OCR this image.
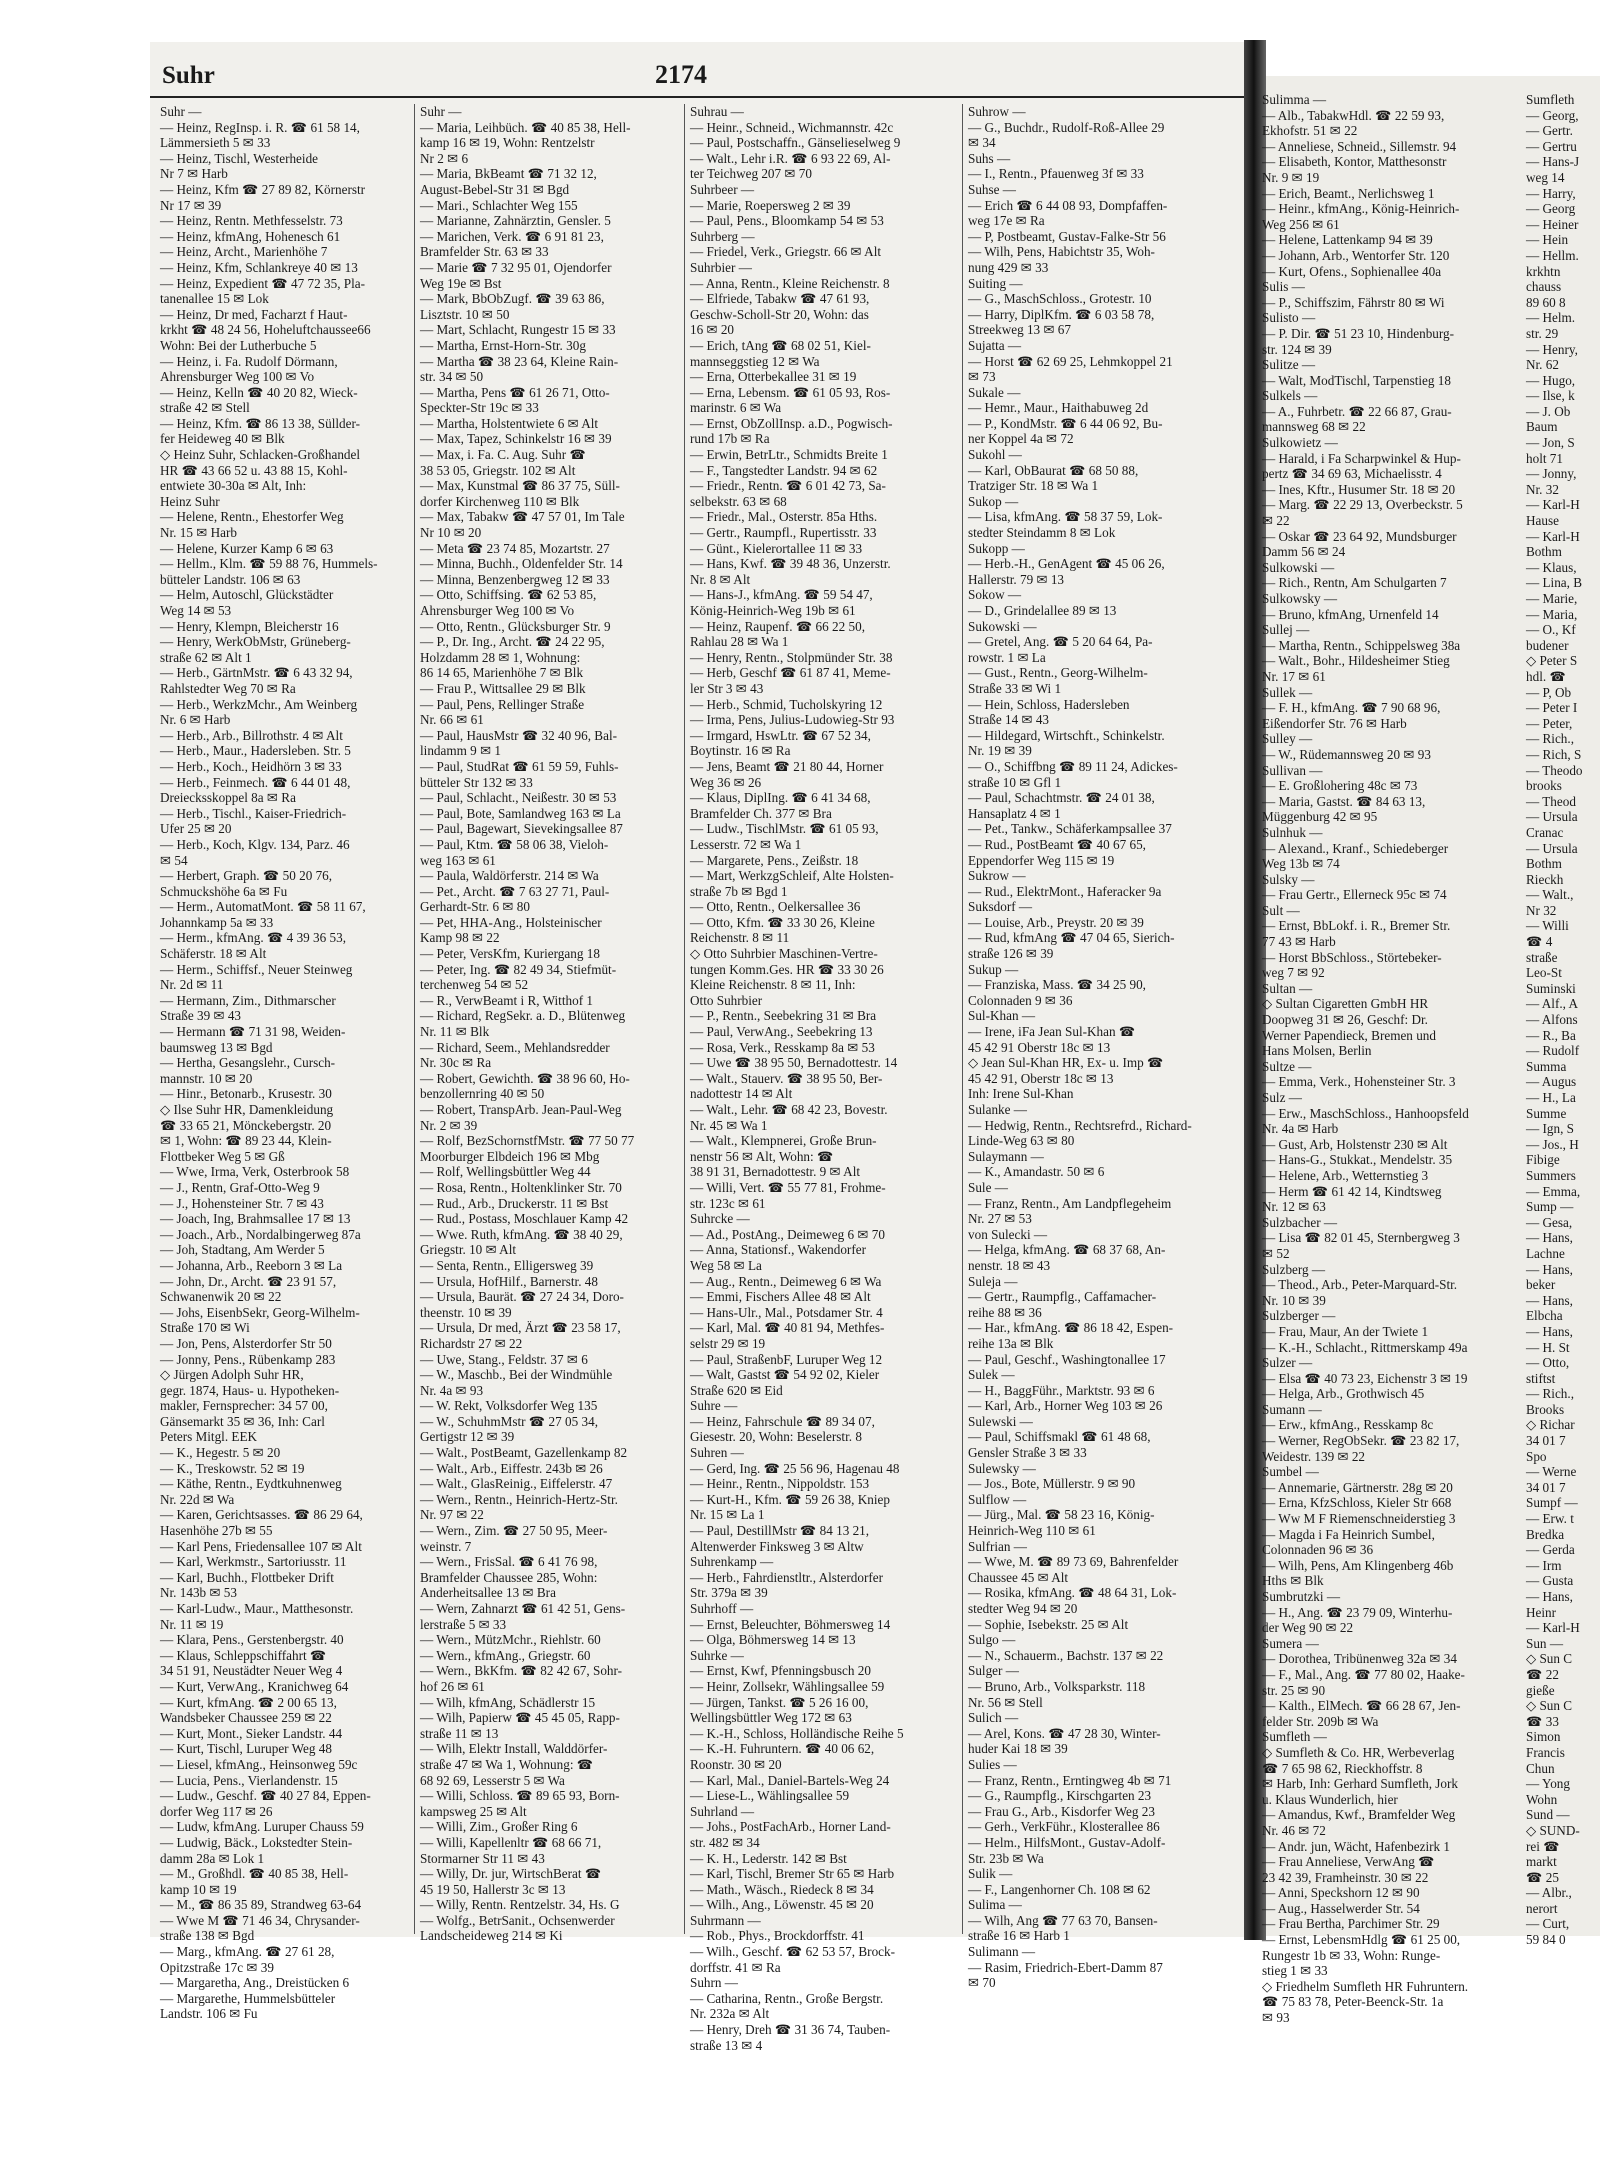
Suhr	2174
Suhr —
— Heinz, RegInsp. i. R. ☎ 61 58 14,
Lämmersieth 5 ✉ 33
— Heinz, Tischl, Westerheide
Nr 7 ✉ Harb
— Heinz, Kfm ☎ 27 89 82, Körnerstr
Nr 17 ✉ 39
— Heinz, Rentn. Methfesselstr. 73
— Heinz, kfmAng, Hohenesch 61
— Heinz, Archt., Marienhöhe 7
— Heinz, Kfm, Schlankreye 40 ✉ 13
— Heinz, Expedient ☎ 47 72 35, Pla-
tanenallee 15 ✉ Lok
— Heinz, Dr med, Facharzt f Haut-
krkht ☎ 48 24 56, Hoheluftchaussee66
Wohn: Bei der Lutherbuche 5
— Heinz, i. Fa. Rudolf Dörmann,
Ahrensburger Weg 100 ✉ Vo
— Heinz, Kelln ☎ 40 20 82, Wieck-
straße 42 ✉ Stell
— Heinz, Kfm. ☎ 86 13 38, Süllder-
fer Heideweg 40 ✉ Blk
◇ Heinz Suhr, Schlacken-Großhandel
HR ☎ 43 66 52 u. 43 88 15, Kohl-
entwiete 30-30a ✉ Alt, Inh:
Heinz Suhr
— Helene, Rentn., Ehestorfer Weg
Nr. 15 ✉ Harb
— Helene, Kurzer Kamp 6 ✉ 63
— Hellm., Klm. ☎ 59 88 76, Hummels-
bütteler Landstr. 106 ✉ 63
— Helm, Autoschl, Glückstädter
Weg 14 ✉ 53
— Henry, Klempn, Bleicherstr 16
— Henry, WerkObMstr, Grüneberg-
straße 62 ✉ Alt 1
— Herb., GärtnMstr. ☎ 6 43 32 94,
Rahlstedter Weg 70 ✉ Ra
— Herb., WerkzMchr., Am Weinberg
Nr. 6 ✉ Harb
— Herb., Arb., Billrothstr. 4 ✉ Alt
— Herb., Maur., Hadersleben. Str. 5
— Herb., Koch., Heidhörn 3 ✉ 33
— Herb., Feinmech. ☎ 6 44 01 48,
Dreiecksskoppel 8a ✉ Ra
— Herb., Tischl., Kaiser-Friedrich-
Ufer 25 ✉ 20
— Herb., Koch, Klgv. 134, Parz. 46
✉ 54
— Herbert, Graph. ☎ 50 20 76,
Schmuckshöhe 6a ✉ Fu
— Herm., AutomatMont. ☎ 58 11 67,
Johannkamp 5a ✉ 33
— Herm., kfmAng. ☎ 4 39 36 53,
Schäferstr. 18 ✉ Alt
— Herm., Schiffsf., Neuer Steinweg
Nr. 2d ✉ 11
— Hermann, Zim., Dithmarscher
Straße 39 ✉ 43
— Hermann ☎ 71 31 98, Weiden-
baumsweg 13 ✉ Bgd
— Hertha, Gesangslehr., Cursch-
mannstr. 10 ✉ 20
— Hinr., Betonarb., Krusestr. 30
◇ Ilse Suhr HR, Damenkleidung
☎ 33 65 21, Mönckebergstr. 20
✉ 1, Wohn: ☎ 89 23 44, Klein-
Flottbeker Weg 5 ✉ Gß
— Wwe, Irma, Verk, Osterbrook 58
— J., Rentn, Graf-Otto-Weg 9
— J., Hohensteiner Str. 7 ✉ 43
— Joach, Ing, Brahmsallee 17 ✉ 13
— Joach., Arb., Nordalbingerweg 87a
— Joh, Stadtang, Am Werder 5
— Johanna, Arb., Reeborn 3 ✉ La
— John, Dr., Archt. ☎ 23 91 57,
Schwanenwik 20 ✉ 22
— Johs, EisenbSekr, Georg-Wilhelm-
Straße 170 ✉ Wi
— Jon, Pens, Alsterdorfer Str 50
— Jonny, Pens., Rübenkamp 283
◇ Jürgen Adolph Suhr HR,
gegr. 1874, Haus- u. Hypotheken-
makler, Fernsprecher: 34 57 00,
Gänsemarkt 35 ✉ 36, Inh: Carl
Peters Mitgl. EEK
— K., Hegestr. 5 ✉ 20
— K., Treskowstr. 52 ✉ 19
— Käthe, Rentn., Eydtkuhnenweg
Nr. 22d ✉ Wa
— Karen, Gerichtsasses. ☎ 86 29 64,
Hasenhöhe 27b ✉ 55
— Karl Pens, Friedensallee 107 ✉ Alt
— Karl, Werkmstr., Sartoriusstr. 11
— Karl, Buchh., Flottbeker Drift
Nr. 143b ✉ 53
— Karl-Ludw., Maur., Matthesonstr.
Nr. 11 ✉ 19
— Klara, Pens., Gerstenbergstr. 40
— Klaus, Schleppschiffahrt ☎
34 51 91, Neustädter Neuer Weg 4
— Kurt, VerwAng., Kranichweg 64
— Kurt, kfmAng. ☎ 2 00 65 13,
Wandsbeker Chaussee 259 ✉ 22
— Kurt, Mont., Sieker Landstr. 44
— Kurt, Tischl, Luruper Weg 48
— Liesel, kfmAng., Heinsonweg 59c
— Lucia, Pens., Vierlandenstr. 15
— Ludw., Geschf. ☎ 40 27 84, Eppen-
dorfer Weg 117 ✉ 26
— Ludw, kfmAng. Luruper Chauss 59
— Ludwig, Bäck., Lokstedter Stein-
damm 28a ✉ Lok 1
— M., Großhdl. ☎ 40 85 38, Hell-
kamp 10 ✉ 19
— M., ☎ 86 35 89, Strandweg 63-64
— Wwe M ☎ 71 46 34, Chrysander-
straße 138 ✉ Bgd
— Marg., kfmAng. ☎ 27 61 28,
Opitzstraße 17c ✉ 39
— Margaretha, Ang., Dreistücken 6
— Margarethe, Hummelsbütteler
Landstr. 106 ✉ Fu
Suhr —
— Maria, Leihbüch. ☎ 40 85 38, Hell-
kamp 16 ✉ 19, Wohn: Rentzelstr
Nr 2 ✉ 6
— Maria, BkBeamt ☎ 71 32 12,
August-Bebel-Str 31 ✉ Bgd
— Mari., Schlachter Weg 155
— Marianne, Zahnärztin, Gensler. 5
— Marichen, Verk. ☎ 6 91 81 23,
Bramfelder Str. 63 ✉ 33
— Marie ☎ 7 32 95 01, Ojendorfer
Weg 19e ✉ Bst
— Mark, BbObZugf. ☎ 39 63 86,
Lisztstr. 10 ✉ 50
— Mart, Schlacht, Rungestr 15 ✉ 33
— Martha, Ernst-Horn-Str. 30g
— Martha ☎ 38 23 64, Kleine Rain-
str. 34 ✉ 50
— Martha, Pens ☎ 61 26 71, Otto-
Speckter-Str 19c ✉ 33
— Martha, Holstentwiete 6 ✉ Alt
— Max, Tapez, Schinkelstr 16 ✉ 39
— Max, i. Fa. C. Aug. Suhr ☎
38 53 05, Griegstr. 102 ✉ Alt
— Max, Kunstmal ☎ 86 37 75, Süll-
dorfer Kirchenweg 110 ✉ Blk
— Max, Tabakw ☎ 47 57 01, Im Tale
Nr 10 ✉ 20
— Meta ☎ 23 74 85, Mozartstr. 27
— Minna, Buchh., Oldenfelder Str. 14
— Minna, Benzenbergweg 12 ✉ 33
— Otto, Schiffsing. ☎ 62 53 85,
Ahrensburger Weg 100 ✉ Vo
— Otto, Rentn., Glücksburger Str. 9
— P., Dr. Ing., Archt. ☎ 24 22 95,
Holzdamm 28 ✉ 1, Wohnung:
86 14 65, Marienhöhe 7 ✉ Blk
— Frau P., Wittsallee 29 ✉ Blk
— Paul, Pens, Rellinger Straße
Nr. 66 ✉ 61
— Paul, HausMstr ☎ 32 40 96, Bal-
lindamm 9 ✉ 1
— Paul, StudRat ☎ 61 59 59, Fuhls-
bütteler Str 132 ✉ 33
— Paul, Schlacht., Neißestr. 30 ✉ 53
— Paul, Bote, Samlandweg 163 ✉ La
— Paul, Bagewart, Sievekingsallee 87
— Paul, Ktm. ☎ 58 06 38, Vieloh-
weg 163 ✉ 61
— Paula, Waldörferstr. 214 ✉ Wa
— Pet., Archt. ☎ 7 63 27 71, Paul-
Gerhardt-Str. 6 ✉ 80
— Pet, HHA-Ang., Holsteinischer
Kamp 98 ✉ 22
— Peter, VersKfm, Kuriergang 18
— Peter, Ing. ☎ 82 49 34, Stiefmüt-
terchenweg 54 ✉ 52
— R., VerwBeamt i R, Witthof 1
— Richard, RegSekr. a. D., Blütenweg
Nr. 11 ✉ Blk
— Richard, Seem., Mehlandsredder
Nr. 30c ✉ Ra
— Robert, Gewichth. ☎ 38 96 60, Ho-
benzollernring 40 ✉ 50
— Robert, TranspArb. Jean-Paul-Weg
Nr. 2 ✉ 39
— Rolf, BezSchornstfMstr. ☎ 77 50 77
Moorburger Elbdeich 196 ✉ Mbg
— Rolf, Wellingsbüttler Weg 44
— Rosa, Rentn., Holtenklinker Str. 70
— Rud., Arb., Druckerstr. 11 ✉ Bst
— Rud., Postass, Moschlauer Kamp 42
— Wwe. Ruth, kfmAng. ☎ 38 40 29,
Griegstr. 10 ✉ Alt
— Senta, Rentn., Elligersweg 39
— Ursula, HofHilf., Barnerstr. 48
— Ursula, Baurät. ☎ 27 24 34, Doro-
theenstr. 10 ✉ 39
— Ursula, Dr med, Ärzt ☎ 23 58 17,
Richardstr 27 ✉ 22
— Uwe, Stang., Feldstr. 37 ✉ 6
— W., Maschb., Bei der Windmühle
Nr. 4a ✉ 93
— W. Rekt, Volksdorfer Weg 135
— W., SchuhmMstr ☎ 27 05 34,
Gertigstr 12 ✉ 39
— Walt., PostBeamt, Gazellenkamp 82
— Walt., Arb., Eiffestr. 243b ✉ 26
— Walt., GlasReinig., Eiffelerstr. 47
— Wern., Rentn., Heinrich-Hertz-Str.
Nr. 97 ✉ 22
— Wern., Zim. ☎ 27 50 95, Meer-
weinstr. 7
— Wern., FrisSal. ☎ 6 41 76 98,
Bramfelder Chaussee 285, Wohn:
Anderheitsallee 13 ✉ Bra
— Wern, Zahnarzt ☎ 61 42 51, Gens-
lerstraße 5 ✉ 33
— Wern., MützMchr., Riehlstr. 60
— Wern., kfmAng., Griegstr. 60
— Wern., BkKfm. ☎ 82 42 67, Sohr-
hof 26 ✉ 61
— Wilh, kfmAng, Schädlerstr 15
— Wilh, Papierw ☎ 45 45 05, Rapp-
straße 11 ✉ 13
— Wilh, Elektr Install, Walddörfer-
straße 47 ✉ Wa 1, Wohnung: ☎
68 92 69, Lesserstr 5 ✉ Wa
— Willi, Schloss. ☎ 89 65 93, Born-
kampsweg 25 ✉ Alt
— Willi, Zim., Großer Ring 6
— Willi, Kapellenltr ☎ 68 66 71,
Stormarner Str 11 ✉ 43
— Willy, Dr. jur, WirtschBerat ☎
45 19 50, Hallerstr 3c ✉ 13
— Willy, Rentn. Rentzelstr. 34, Hs. G
— Wolfg., BetrSanit., Ochsenwerder
Landscheideweg 214 ✉ Ki
Suhrau —
— Heinr., Schneid., Wichmannstr. 42c
— Paul, Postschaffn., Gänselieselweg 9
— Walt., Lehr i.R. ☎ 6 93 22 69, Al-
ter Teichweg 207 ✉ 70
Suhrbeer —
— Marie, Roepersweg 2 ✉ 39
— Paul, Pens., Bloomkamp 54 ✉ 53
Suhrberg —
— Friedel, Verk., Griegstr. 66 ✉ Alt
Suhrbier —
— Anna, Rentn., Kleine Reichenstr. 8
— Elfriede, Tabakw ☎ 47 61 93,
Geschw-Scholl-Str 20, Wohn: das
16 ✉ 20
— Erich, tAng ☎ 68 02 51, Kiel-
mannseggstieg 12 ✉ Wa
— Erna, Otterbekallee 31 ✉ 19
— Erna, Lebensm. ☎ 61 05 93, Ros-
marinstr. 6 ✉ Wa
— Ernst, ObZollInsp. a.D., Pogwisch-
rund 17b ✉ Ra
— Erwin, BetrLtr., Schmidts Breite 1
— F., Tangstedter Landstr. 94 ✉ 62
— Friedr., Rentn. ☎ 6 01 42 73, Sa-
selbekstr. 63 ✉ 68
— Friedr., Mal., Osterstr. 85a Hths.
— Gertr., Raumpfl., Rupertisstr. 33
— Günt., Kielerortallee 11 ✉ 33
— Hans, Kwf. ☎ 39 48 36, Unzerstr.
Nr. 8 ✉ Alt
— Hans-J., kfmAng. ☎ 59 54 47,
König-Heinrich-Weg 19b ✉ 61
— Heinz, Raupenf. ☎ 66 22 50,
Rahlau 28 ✉ Wa 1
— Henry, Rentn., Stolpmünder Str. 38
— Herb, Geschf ☎ 61 87 41, Meme-
ler Str 3 ✉ 43
— Herb., Schmid, Tucholskyring 12
— Irma, Pens, Julius-Ludowieg-Str 93
— Irmgard, HswLtr. ☎ 67 52 34,
Boytinstr. 16 ✉ Ra
— Jens, Beamt ☎ 21 80 44, Horner
Weg 36 ✉ 26
— Klaus, DiplIng. ☎ 6 41 34 68,
Bramfelder Ch. 377 ✉ Bra
— Ludw., TischlMstr. ☎ 61 05 93,
Lesserstr. 72 ✉ Wa 1
— Margarete, Pens., Zeißstr. 18
— Mart, WerkzgSchleif, Alte Holsten-
straße 7b ✉ Bgd 1
— Otto, Rentn., Oelkersallee 36
— Otto, Kfm. ☎ 33 30 26, Kleine
Reichenstr. 8 ✉ 11
◇ Otto Suhrbier Maschinen-Vertre-
tungen Komm.Ges. HR ☎ 33 30 26
Kleine Reichenstr. 8 ✉ 11, Inh:
Otto Suhrbier
— P., Rentn., Seebekring 31 ✉ Bra
— Paul, VerwAng., Seebekring 13
— Rosa, Verk., Resskamp 8a ✉ 53
— Uwe ☎ 38 95 50, Bernadottestr. 14
— Walt., Stauerv. ☎ 38 95 50, Ber-
nadottestr 14 ✉ Alt
— Walt., Lehr. ☎ 68 42 23, Bovestr.
Nr. 45 ✉ Wa 1
— Walt., Klempnerei, Große Brun-
nenstr 56 ✉ Alt, Wohn: ☎
38 91 31, Bernadottestr. 9 ✉ Alt
— Willi, Vert. ☎ 55 77 81, Frohme-
str. 123c ✉ 61
Suhrcke —
— Ad., PostAng., Deimeweg 6 ✉ 70
— Anna, Stationsf., Wakendorfer
Weg 58 ✉ La
— Aug., Rentn., Deimeweg 6 ✉ Wa
— Emmi, Fischers Allee 48 ✉ Alt
— Hans-Ulr., Mal., Potsdamer Str. 4
— Karl, Mal. ☎ 40 81 94, Methfes-
selstr 29 ✉ 19
— Paul, StraßenbF, Luruper Weg 12
— Walt, Gastst ☎ 54 92 02, Kieler
Straße 620 ✉ Eid
Suhre —
— Heinz, Fahrschule ☎ 89 34 07,
Giesestr. 20, Wohn: Beselerstr. 8
Suhren —
— Gerd, Ing. ☎ 25 56 96, Hagenau 48
— Heinr., Rentn., Nippoldstr. 153
— Kurt-H., Kfm. ☎ 59 26 38, Kniep
Nr. 15 ✉ La 1
— Paul, DestillMstr ☎ 84 13 21,
Altenwerder Finksweg 3 ✉ Altw
Suhrenkamp —
— Herb., Fahrdienstltr., Alsterdorfer
Str. 379a ✉ 39
Suhrhoff —
— Ernst, Beleuchter, Böhmersweg 14
— Olga, Böhmersweg 14 ✉ 13
Suhrke —
— Ernst, Kwf, Pfenningsbusch 20
— Heinr, Zollsekr, Wählingsallee 59
— Jürgen, Tankst. ☎ 5 26 16 00,
Wellingsbüttler Weg 172 ✉ 63
— K.-H., Schloss, Holländische Reihe 5
— K.-H. Fuhruntern. ☎ 40 06 62,
Roonstr. 30 ✉ 20
— Karl, Mal., Daniel-Bartels-Weg 24
— Liese-L., Wählingsallee 59
Suhrland —
— Johs., PostFachArb., Horner Land-
str. 482 ✉ 34
— K. H., Lederstr. 142 ✉ Bst
— Karl, Tischl, Bremer Str 65 ✉ Harb
— Math., Wäsch., Riedeck 8 ✉ 34
— Wilh., Ang., Löwenstr. 45 ✉ 20
Suhrmann —
— Rob., Phys., Brockdorffstr. 41
— Wilh., Geschf. ☎ 62 53 57, Brock-
dorffstr. 41 ✉ Ra
Suhrn —
— Catharina, Rentn., Große Bergstr.
Nr. 232a ✉ Alt
— Henry, Dreh ☎ 31 36 74, Tauben-
straße 13 ✉ 4
Suhrow —
— G., Buchdr., Rudolf-Roß-Allee 29
✉ 34
Suhs —
— I., Rentn., Pfauenweg 3f ✉ 33
Suhse —
— Erich ☎ 6 44 08 93, Dompfaffen-
weg 17e ✉ Ra
— P, Postbeamt, Gustav-Falke-Str 56
— Wilh, Pens, Habichtstr 35, Woh-
nung 429 ✉ 33
Suiting —
— G., MaschSchloss., Grotestr. 10
— Harry, DiplKfm. ☎ 6 03 58 78,
Streekweg 13 ✉ 67
Sujatta —
— Horst ☎ 62 69 25, Lehmkoppel 21
✉ 73
Sukale —
— Hemr., Maur., Haithabuweg 2d
— P., KondMstr. ☎ 6 44 06 92, Bu-
ner Koppel 4a ✉ 72
Sukohl —
— Karl, ObBaurat ☎ 68 50 88,
Tratziger Str. 18 ✉ Wa 1
Sukop —
— Lisa, kfmAng. ☎ 58 37 59, Lok-
stedter Steindamm 8 ✉ Lok
Sukopp —
— Herb.-H., GenAgent ☎ 45 06 26,
Hallerstr. 79 ✉ 13
Sokow —
— D., Grindelallee 89 ✉ 13
Sukowski —
— Gretel, Ang. ☎ 5 20 64 64, Pa-
rowstr. 1 ✉ La
— Gust., Rentn., Georg-Wilhelm-
Straße 33 ✉ Wi 1
— Hein, Schloss, Hadersleben
Straße 14 ✉ 43
— Hildegard, Wirtschft., Schinkelstr.
Nr. 19 ✉ 39
— O., Schiffbng ☎ 89 11 24, Adickes-
straße 10 ✉ Gfl 1
— Paul, Schachtmstr. ☎ 24 01 38,
Hansaplatz 4 ✉ 1
— Pet., Tankw., Schäferkampsallee 37
— Rud., PostBeamt ☎ 40 67 65,
Eppendorfer Weg 115 ✉ 19
Sukrow —
— Rud., ElektrMont., Haferacker 9a
Suksdorf —
— Louise, Arb., Preystr. 20 ✉ 39
— Rud, kfmAng ☎ 47 04 65, Sierich-
straße 126 ✉ 39
Sukup —
— Franziska, Mass. ☎ 34 25 90,
Colonnaden 9 ✉ 36
Sul-Khan —
— Irene, iFa Jean Sul-Khan ☎
45 42 91 Oberstr 18c ✉ 13
◇ Jean Sul-Khan HR, Ex- u. Imp ☎
45 42 91, Oberstr 18c ✉ 13
Inh: Irene Sul-Khan
Sulanke —
— Hedwig, Rentn., Rechtsrefrd., Richard-
Linde-Weg 63 ✉ 80
Sulaymann —
— K., Amandastr. 50 ✉ 6
Sule —
— Franz, Rentn., Am Landpflegeheim
Nr. 27 ✉ 53
von Sulecki —
— Helga, kfmAng. ☎ 68 37 68, An-
nenstr. 18 ✉ 43
Suleja —
— Gertr., Raumpflg., Caffamacher-
reihe 88 ✉ 36
— Har., kfmAng. ☎ 86 18 42, Espen-
reihe 13a ✉ Blk
— Paul, Geschf., Washingtonallee 17
Sulek —
— H., BaggFühr., Marktstr. 93 ✉ 6
— Karl, Arb., Horner Weg 103 ✉ 26
Sulewski —
— Paul, Schiffsmakl ☎ 61 48 68,
Gensler Straße 3 ✉ 33
Sulewsky —
— Jos., Bote, Müllerstr. 9 ✉ 90
Sulflow —
— Jürg., Mal. ☎ 58 23 16, König-
Heinrich-Weg 110 ✉ 61
Sulfrian —
— Wwe, M. ☎ 89 73 69, Bahrenfelder
Chaussee 45 ✉ Alt
— Rosika, kfmAng. ☎ 48 64 31, Lok-
stedter Weg 94 ✉ 20
— Sophie, Isebekstr. 25 ✉ Alt
Sulgo —
— N., Schauerm., Bachstr. 137 ✉ 22
Sulger —
— Bruno, Arb., Volksparkstr. 118
Nr. 56 ✉ Stell
Sulich —
— Arel, Kons. ☎ 47 28 30, Winter-
huder Kai 18 ✉ 39
Sulies —
— Franz, Rentn., Erntingweg 4b ✉ 71
— G., Raumpflg., Kirschgarten 23
— Frau G., Arb., Kisdorfer Weg 23
— Gerh., VerkFühr., Klosterallee 86
— Helm., HilfsMont., Gustav-Adolf-
Str. 23b ✉ Wa
Sulik —
— F., Langenhorner Ch. 108 ✉ 62
Sulima —
— Wilh, Ang ☎ 77 63 70, Bansen-
straße 16 ✉ Harb 1
Sulimann —
— Rasim, Friedrich-Ebert-Damm 87
✉ 70
Sulimma —
— Alb., TabakwHdl. ☎ 22 59 93,
Ekhofstr. 51 ✉ 22
— Anneliese, Schneid., Sillemstr. 94
— Elisabeth, Kontor, Matthesonstr
Nr. 9 ✉ 19
— Erich, Beamt., Nerlichsweg 1
— Heinr., kfmAng., König-Heinrich-
Weg 256 ✉ 61
— Helene, Lattenkamp 94 ✉ 39
— Johann, Arb., Wentorfer Str. 120
— Kurt, Ofens., Sophienallee 40a
Sulis —
— P., Schiffszim, Fährstr 80 ✉ Wi
Sulisto —
— P. Dir. ☎ 51 23 10, Hindenburg-
str. 124 ✉ 39
Sulitze —
— Walt, ModTischl, Tarpenstieg 18
Sulkels —
— A., Fuhrbetr. ☎ 22 66 87, Grau-
mannsweg 68 ✉ 22
Sulkowietz —
— Harald, i Fa Scharpwinkel & Hup-
pertz ☎ 34 69 63, Michaelisstr. 4
— Ines, Kftr., Husumer Str. 18 ✉ 20
— Marg. ☎ 22 29 13, Overbeckstr. 5
✉ 22
— Oskar ☎ 23 64 92, Mundsburger
Damm 56 ✉ 24
Sulkowski —
— Rich., Rentn, Am Schulgarten 7
Sulkowsky —
— Bruno, kfmAng, Urnenfeld 14
Sullej —
— Martha, Rentn., Schippelsweg 38a
— Walt., Bohr., Hildesheimer Stieg
Nr. 17 ✉ 61
Sullek —
— F. H., kfmAng. ☎ 7 90 68 96,
Eißendorfer Str. 76 ✉ Harb
Sulley —
— W., Rüdemannsweg 20 ✉ 93
Sullivan —
— E. Großlohering 48c ✉ 73
— Maria, Gastst. ☎ 84 63 13,
Müggenburg 42 ✉ 95
Sulnhuk —
— Alexand., Kranf., Schiedeberger
Weg 13b ✉ 74
Sulsky —
— Frau Gertr., Ellerneck 95c ✉ 74
Sult —
— Ernst, BbLokf. i. R., Bremer Str.
77 43 ✉ Harb
— Horst BbSchloss., Störtebeker-
weg 7 ✉ 92
Sultan —
◇ Sultan Cigaretten GmbH HR
Doopweg 31 ✉ 26, Geschf: Dr.
Werner Papendieck, Bremen und
Hans Molsen, Berlin
Sultze —
— Emma, Verk., Hohensteiner Str. 3
Sulz —
— Erw., MaschSchloss., Hanhoopsfeld
Nr. 4a ✉ Harb
— Gust, Arb, Holstenstr 230 ✉ Alt
— Hans-G., Stukkat., Mendelstr. 35
— Helene, Arb., Wetternstieg 3
— Herm ☎ 61 42 14, Kindtsweg
Nr. 12 ✉ 63
Sulzbacher —
— Lisa ☎ 82 01 45, Sternbergweg 3
✉ 52
Sulzberg —
— Theod., Arb., Peter-Marquard-Str.
Nr. 10 ✉ 39
Sulzberger —
— Frau, Maur, An der Twiete 1
— K.-H., Schlacht., Rittmerskamp 49a
Sulzer —
— Elsa ☎ 40 73 23, Eichenstr 3 ✉ 19
— Helga, Arb., Grothwisch 45
Sumann —
— Erw., kfmAng., Resskamp 8c
— Werner, RegObSekr. ☎ 23 82 17,
Weidestr. 139 ✉ 22
Sumbel —
— Annemarie, Gärtnerstr. 28g ✉ 20
— Erna, KfzSchloss, Kieler Str 668
— Ww M F Riemenschneiderstieg 3
— Magda i Fa Heinrich Sumbel,
Colonnaden 96 ✉ 36
— Wilh, Pens, Am Klingenberg 46b
Hths ✉ Blk
Sumbrutzki —
— H., Ang. ☎ 23 79 09, Winterhu-
der Weg 90 ✉ 22
Sumera —
— Dorothea, Tribünenweg 32a ✉ 34
— F., Mal., Ang. ☎ 77 80 02, Haake-
str. 25 ✉ 90
— Kalth., ElMech. ☎ 66 28 67, Jen-
felder Str. 209b ✉ Wa
Sumfleth —
◇ Sumfleth & Co. HR, Werbeverlag
☎ 7 65 98 62, Rieckhoffstr. 8
✉ Harb, Inh: Gerhard Sumfleth, Jork
u. Klaus Wunderlich, hier
— Amandus, Kwf., Bramfelder Weg
Nr. 46 ✉ 72
— Andr. jun, Wächt, Hafenbezirk 1
— Frau Anneliese, VerwAng ☎
23 42 39, Framheinstr. 30 ✉ 22
— Anni, Speckshorn 12 ✉ 90
— Aug., Hasselwerder Str. 54
— Frau Bertha, Parchimer Str. 29
— Ernst, LebensmHdlg ☎ 61 25 00,
Rungestr 1b ✉ 33, Wohn: Runge-
stieg 1 ✉ 33
◇ Friedhelm Sumfleth HR Fuhruntern.
☎ 75 83 78, Peter-Beenck-Str. 1a
✉ 93
Sumfleth
— Georg,
— Gertr.
— Gertru
— Hans-J
weg 14
— Harry,
— Georg
— Heiner
— Hein
— Hellm.
krkhtn
chauss
89 60 8
— Helm.
str. 29
— Henry,
Nr. 62
— Hugo,
— Ilse, k
— J. Ob
Baum
— Jon, S
holt 71
— Jonny,
Nr. 32
— Karl-H
Hause
— Karl-H
Bothm
— Klaus,
— Lina, B
— Marie,
— Maria,
— O., Kf
budener
◇ Peter S
hdl. ☎
— P, Ob
— Peter I
— Peter,
— Rich.,
— Rich, S
— Theodo
brooks
— Theod
— Ursula
Cranac
— Ursula
Bothm
Rieckh
— Walt.,
Nr 32
— Willi
☎ 4
straße
Leo-St
Suminski
— Alf., A
— Alfons
— R., Ba
— Rudolf
Summa
— Augus
— H., La
Summe
— Ign, S
— Jos., H
Fibige
Summers
— Emma,
Sump —
— Gesa,
— Hans,
Lachne
— Hans,
beker
— Hans,
Elbcha
— Hans,
— H. St
— Otto,
stiftst
— Rich.,
Brooks
◇ Richar
34 01 7
Spo
— Werne
34 01 7
Sumpf —
— Erw. t
Bredka
— Gerda
— Irm
— Gusta
— Hans,
Heinr
— Karl-H
Sun —
◇ Sun C
☎ 22
gieße
◇ Sun C
☎ 33
Simon
Francis
Chun
— Yong
Wohn
Sund —
◇ SUND-
rei ☎
markt
☎ 25
— Albr.,
nerort
— Curt,
59 84 0
